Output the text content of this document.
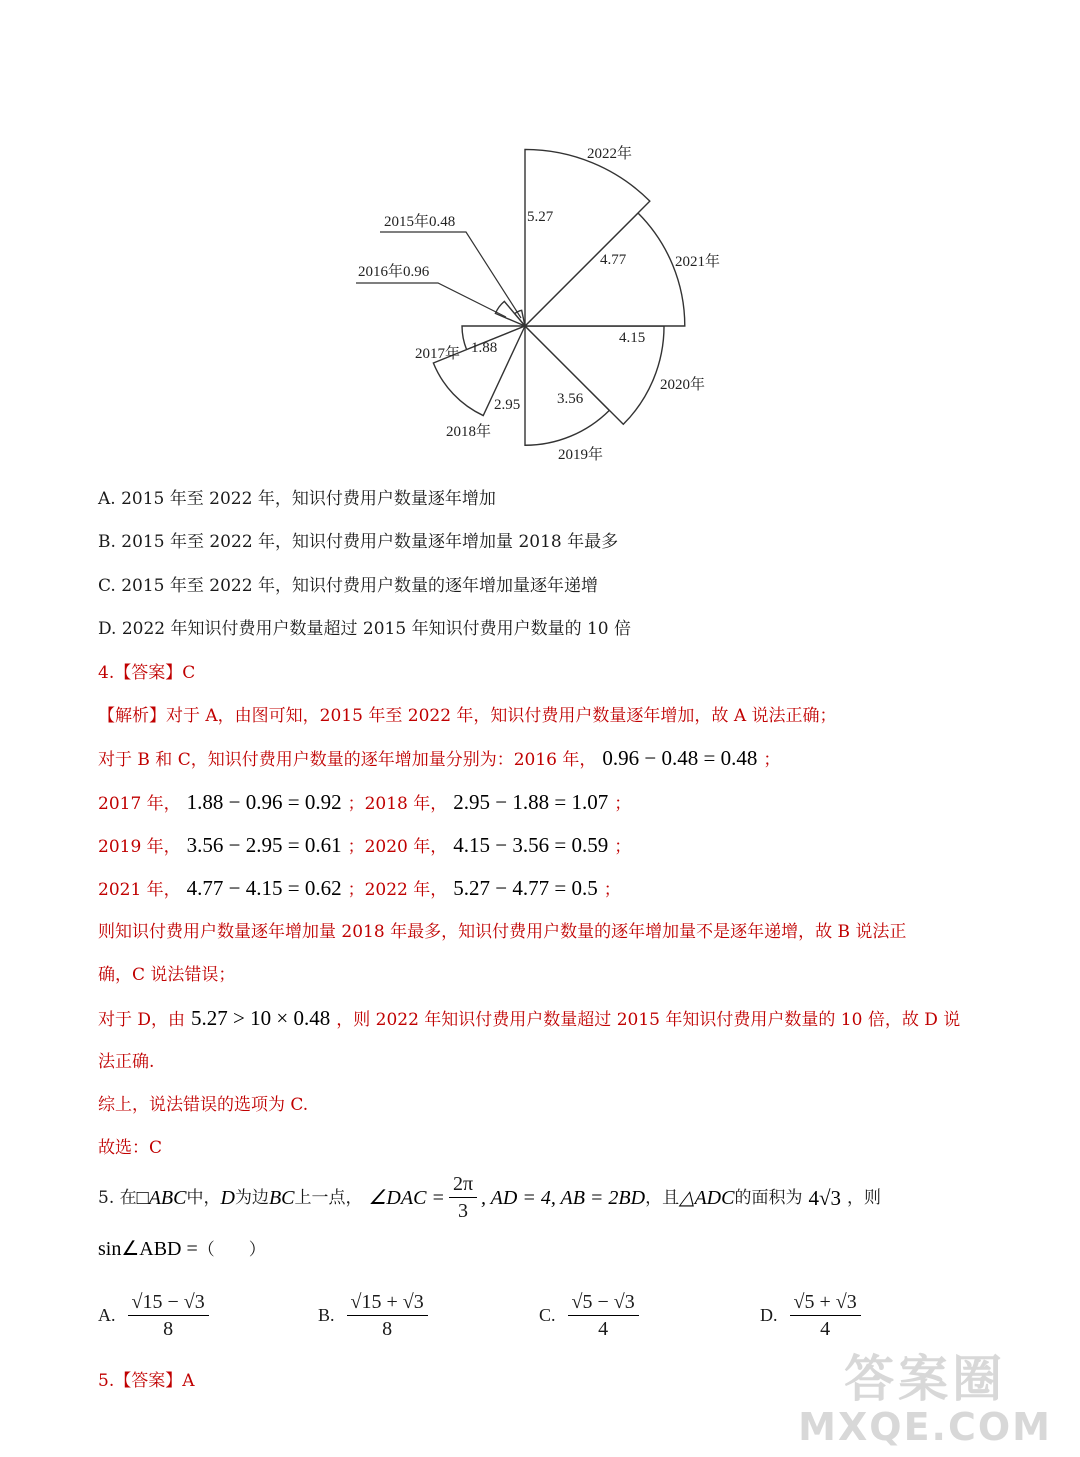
2015年0.48
2016年0.96
2017年 1.88
2018年
2.95
2019年
3.56
2020年
4.15
2021年
4.77
2022年
5.27
A. 2015 年至 2022 年，知识付费用户数量逐年增加
B. 2015 年至 2022 年，知识付费用户数量逐年增加量 2018 年最多
C. 2015 年至 2022 年，知识付费用户数量的逐年增加量逐年递增
D. 2022 年知识付费用户数量超过 2015 年知识付费用户数量的 10 倍
4.【答案】C
【解析】对于 A，由图可知，2015 年至 2022 年，知识付费用户数量逐年增加，故 A 说法正确；
对于 B 和 C，知识付费用户数量的逐年增加量分别为：2016 年， 0.96 − 0.48 = 0.48 ；
2017 年， 1.88 − 0.96 = 0.92 ；2018 年， 2.95 − 1.88 = 1.07 ；
2019 年， 3.56 − 2.95 = 0.61 ；2020 年， 4.15 − 3.56 = 0.59 ；
2021 年， 4.77 − 4.15 = 0.62 ；2022 年， 5.27 − 4.77 = 0.5 ；
则知识付费用户数量逐年增加量 2018 年最多，知识付费用户数量的逐年增加量不是逐年递增，故 B 说法正
确，C 说法错误；
对于 D，由 5.27 > 10 × 0.48 ，则 2022 年知识付费用户数量超过 2015 年知识付费用户数量的 10 倍，故 D 说
法正确.
综上，说法错误的选项为 C.
故选：C
5. 在 □ABC 中， D 为边 BC 上一点， ∠DAC = $\frac{2\pi}{3}$ , AD = 4, AB = 2BD ，且 △ADC 的面积为 4√3 ，则
sin∠ABD =（　　）
A. $\frac{√15 - √3}{8}$	B. $\frac{√15 + √3}{8}$	C. $\frac{√5 - √3}{4}$	D. $\frac{√5 + √3}{4}$
5.【答案】A	答案圈
MXQE.COM
